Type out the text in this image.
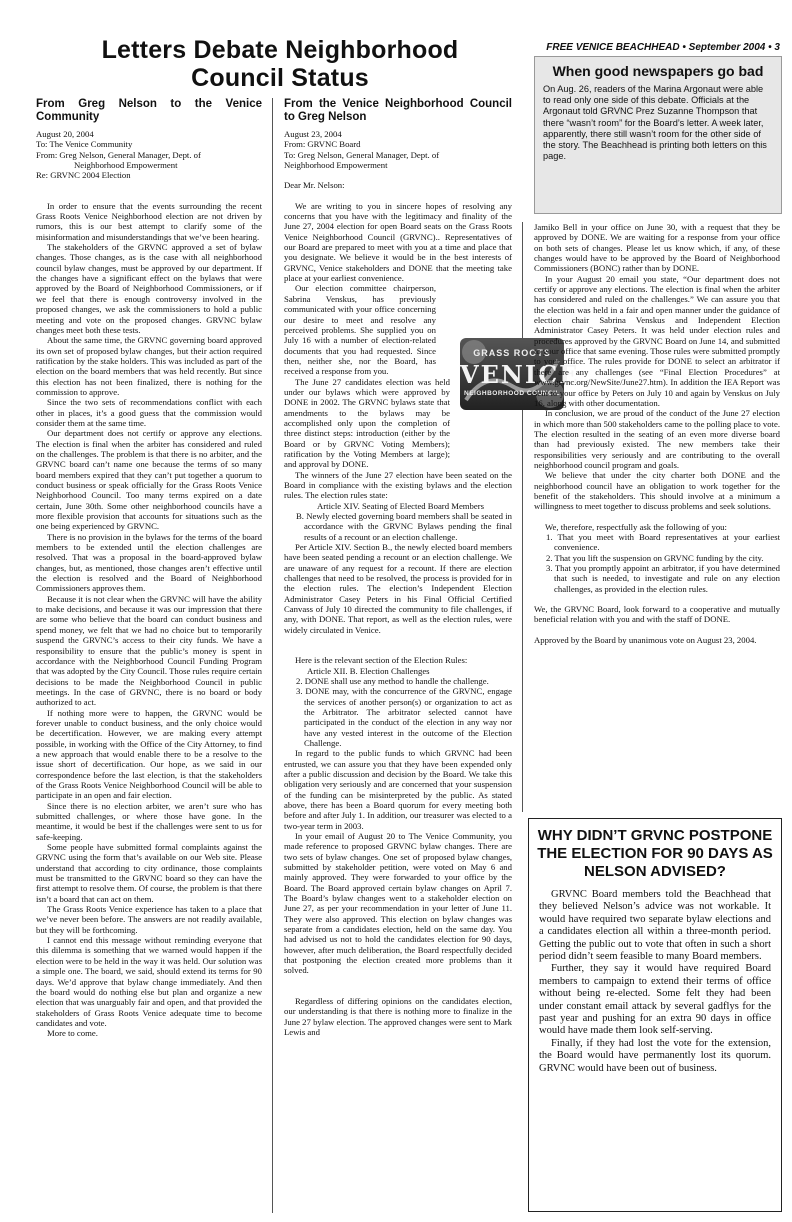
Letters Debate Neighborhood Council Status
FREE VENICE BEACHHEAD • September 2004 • 3
When good newspapers go bad
On Aug. 26, readers of the Marina Argonaut were able to read only one side of this debate. Officials at the Argonaut told GRVNC Prez Suzanne Thompson that there “wasn’t room” for the Board’s letter. A week later, apparently, there still wasn’t room for the other side of the story. The Beachhead is printing both letters on this page.
From Greg Nelson to the Venice Community
August 20, 2004
To: The Venice Community
From: Greg Nelson, General Manager, Dept. of
Neighborhood Empowerment
Re: GRVNC 2004 Election

In order to ensure that the events surrounding the recent Grass Roots Venice Neighborhood election are not driven by rumors, this is our best attempt to clarify some of the misinformation and misunderstandings that we’ve been hearing.

The stakeholders of the GRVNC approved a set of bylaw changes. Those changes, as is the case with all neighborhood council bylaw changes, must be approved by our department. If the changes have a significant effect on the bylaws that were approved by the Board of Neighborhood Commissioners, or if we feel that there is enough controversy involved in the proposed changes, we ask the commissioners to hold a public meeting and vote on the proposed changes. GRVNC bylaw changes meet both these tests.

About the same time, the GRVNC governing board approved its own set of proposed bylaw changes, but their action required ratification by the stake holders. This was included as part of the election on the board members that was held recently. But since this election has not been finalized, there is nothing for the commission to approve.

Since the two sets of recommendations conflict with each other in places, it’s a good guess that the commission would consider them at the same time.

Our department does not certify or approve any elections. The election is final when the arbiter has considered and ruled on the challenges. The problem is that there is no arbiter, and the GRVNC board can’t name one because the terms of so many board members expired that they can’t put together a quorum to conduct business or speak officially for the Grass Roots Venice Neighborhood Council. Too many terms expired on a date certain, June 30th. Some other neighborhood councils have a more flexible provision that accounts for situations such as the one being experienced by GRVNC.

There is no provision in the bylaws for the terms of the board members to be extended until the election challenges are resolved. That was a proposal in the board-approved bylaw changes, but, as mentioned, those changes aren’t effective until the election is resolved and the Board of Neighborhood Commissioners approves them.

Because it is not clear when the GRVNC will have the ability to make decisions, and because it was our impression that there are some who believe that the board can conduct business and spend money, we felt that we had no choice but to temporarily suspend the GRVNC’s access to their city funds. We have a responsibility to ensure that the public’s money is spent in accordance with the Neighborhood Council Funding Program that was adopted by the City Council. Those rules require certain decisions to be made the Neighborhood Council in public meetings. In the case of GRVNC, there is no board or body authorized to act.

If nothing more were to happen, the GRVNC would be forever unable to conduct business, and the only choice would be decertification. However, we are making every attempt possible, in working with the Office of the City Attorney, to find a new approach that would enable there to be a resolve to the issue short of decertification. Our hope, as we said in our correspondence before the last election, is that the stakeholders of the Grass Roots Venice Neighborhood Council will be able to participate in an open and fair election.

Since there is no election arbiter, we aren’t sure who has submitted challenges, or where those have gone. In the meantime, it would be best if the challenges were sent to us for safe-keeping.

Some people have submitted formal complaints against the GRVNC using the form that’s available on our Web site. Please understand that according to city ordinance, those complaints must be transmitted to the GRVNC board so they can have the first attempt to resolve them. Of course, the problem is that there isn’t a board that can act on them.

The Grass Roots Venice experience has taken to a place that we’ve never been before. The answers are not readily available, but they will be forthcoming.

I cannot end this message without reminding everyone that this dilemma is something that we warned would happen if the election were to be held in the way it was held. Our solution was a simple one. The board, we said, should extend its terms for 90 days. We’d approve that bylaw change immediately. And then the board would do nothing else but plan and organize a new election that was unarguably fair and open, and that provided the stakeholders of Grass Roots Venice adequate time to become candidates and vote.

More to come.

From the Venice Neighborhood Council to Greg Nelson
August 23, 2004
From: GRVNC Board
To: Greg Nelson, General Manager, Dept. of
Neighborhood Empowerment

Dear Mr. Nelson:

We are writing to you in sincere hopes of resolving any concerns that you have with the legitimacy and finality of the June 27, 2004 election for open Board seats on the Grass Roots Venice Neighborhood Council (GRVNC).. Representatives of our Board are prepared to meet with you at a time and place that you designate. We believe it would be in the best interests of GRVNC, Venice stakeholders and DONE that the meeting take place at your earliest convenience.

Our election committee chairperson, Sabrina Venskus, has previously communicated with your office concerning our desire to meet and resolve any perceived problems. She supplied you on July 16 with a number of election-related documents that you had requested. Since then, neither she, nor the Board, has received a response from you.

The June 27 candidates election was held under our bylaws which were approved by DONE in 2002. The GRVNC bylaws state that amendments to the bylaws may be accomplished only upon the completion of three distinct steps: introduction (either by the Board or by GRVNC Voting Members); ratification by the Voting Members at large); and approval by DONE.

The winners of the June 27 election have been seated on the Board in compliance with the existing bylaws and the election rules. The election rules state:

Article XIV. Seating of Elected Board Members

B. Newly elected governing board members shall be seated in accordance with the GRVNC Bylaws pending the final results of a recount or an election challenge.

Per Article XIV. Section B., the newly elected board members have been seated pending a recount or an election challenge. We are unaware of any request for a recount. If there are election challenges that need to be resolved, the process is provided for in the election rules. The election’s Independent Election Administrator Casey Peters in his Final Official Certified Canvass of July 10 directed the community to file challenges, if any, with DONE. That report, as well as the election rules, were widely circulated in Venice.

Here is the relevant section of the Election Rules:

Article XII. B. Election Challenges

2. DONE shall use any method to handle the challenge.

3. DONE may, with the concurrence of the GRVNC, engage the services of another person(s) or organization to act as the Arbitrator. The arbitrator selected cannot have participated in the conduct of the election in any way nor have any vested interest in the outcome of the Election Challenge.

In regard to the public funds to which GRVNC had been entrusted, we can assure you that they have been expended only after a public discussion and decision by the Board. We take this obligation very seriously and are concerned that your suspension of the funding can be misinterpreted by the public. As stated above, there has been a Board quorum for every meeting both before and after July 1. In addition, our treasurer was elected to a two-year term in 2003.

In your email of August 20 to The Venice Community, you made reference to proposed GRVNC bylaw changes. There are two sets of bylaw changes. One set of proposed bylaw changes, submitted by stakeholder petition, were voted on May 6 and mainly approved. They were forwarded to your office by the Board. The Board approved certain bylaw changes on April 7. The Board’s bylaw changes went to a stakeholder election on June 27, as per your recommendation in your letter of June 11. They were also approved. This election on bylaw changes was separate from a candidates election, held on the same day. You had advised us not to hold the candidates election for 90 days, however, after much deliberation, the Board respectfully decided that postponing the election created more problems than it solved.

Regardless of differing opinions on the candidates election, our understanding is that there is nothing more to finalize in the June 27 bylaw election. The approved changes were sent to Mark Lewis and

GRASS ROOTS
VENICE
NEIGHBORHOOD COUNCIL

Jamiko Bell in your office on June 30, with a request that they be approved by DONE. We are waiting for a response from your office on both sets of changes. Please let us know which, if any, of these changes would have to be approved by the Board of Neighborhood Commissioners (BONC) rather than by DONE.

In your August 20 email you state, “Our department does not certify or approve any elections. The election is final when the arbiter has considered and ruled on the challenges.” We can assure you that the election was held in a fair and open manner under the guidance of election chair Sabrina Venskus and Independent Election Administrator Casey Peters. It was held under election rules and procedures approved by the GRVNC Board on June 14, and submitted to your office that same evening. Those rules were submitted promptly to your office. The rules provide for DONE to select an arbitrator if there are any challenges (see “Final Election Procedures” at www.grvnc.org/NewSite/June27.htm). In addition the IEA Report was sent to your office by Peters on July 10 and again by Venskus on July 16, along with other documentation.

In conclusion, we are proud of the conduct of the June 27 election in which more than 500 stakeholders came to the polling place to vote. The election resulted in the seating of an even more diverse board than had previously existed. The new members take their responsibilities very seriously and are contributing to the overall neighborhood council program and goals.

We believe that under the city charter both DONE and the neighborhood council have an obligation to work together for the benefit of the stakeholders. This should involve at a minimum a willingness to meet together to discuss problems and seek solutions.

We, therefore, respectfully ask the following of you:

1. That you meet with Board representatives at your earliest convenience.

2. That you lift the suspension on GRVNC funding by the city.

3. That you promptly appoint an arbitrator, if you have determined that such is needed, to investigate and rule on any election challenges, as provided in the election rules.

We, the GRVNC Board, look forward to a cooperative and mutually beneficial relation with you and with the staff of DONE.

Approved by the Board by unanimous vote on August 23, 2004.

WHY DIDN’T GRVNC POSTPONE THE ELECTION FOR 90 DAYS AS NELSON ADVISED?

GRVNC Board members told the Beachhead that they believed Nelson’s advice was not workable. It would have required two separate bylaw elections and a candidates election all within a three-month period. Getting the public out to vote that often in such a short period didn’t seem feasible to many Board members.

Further, they say it would have required Board members to campaign to extend their terms of office without being re-elected. Some felt they had been under constant email attack by several gadflys for the past year and pushing for an extra 90 days in office would have made them look self-serving.

Finally, if they had lost the vote for the extension, the Board would have permanently lost its quorum. GRVNC would have been out of business.
